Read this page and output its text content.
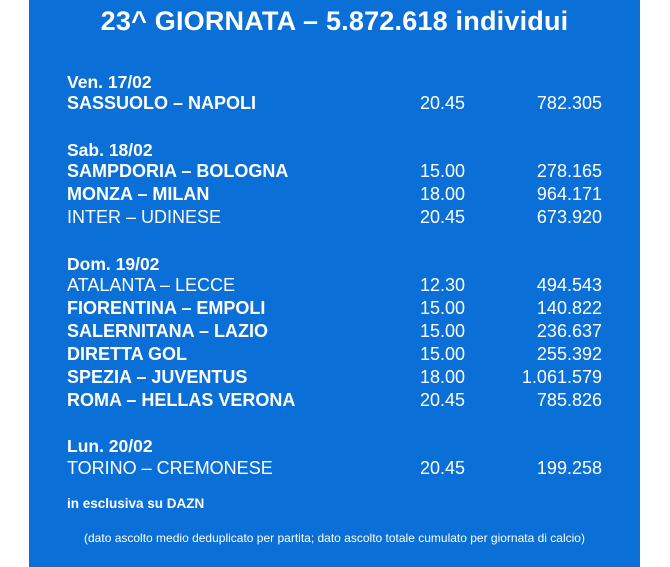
23^ GIORNATA – 5.872.618 individui
Ven. 17/02
SASSUOLO – NAPOLI	20.45	782.305
Sab. 18/02
SAMPDORIA – BOLOGNA	15.00	278.165
MONZA – MILAN	18.00	964.171
INTER – UDINESE	20.45	673.920
Dom. 19/02
ATALANTA – LECCE	12.30	494.543
FIORENTINA – EMPOLI	15.00	140.822
SALERNITANA – LAZIO	15.00	236.637
DIRETTA GOL	15.00	255.392
SPEZIA – JUVENTUS	18.00	1.061.579
ROMA – HELLAS VERONA	20.45	785.826
Lun. 20/02
TORINO – CREMONESE	20.45	199.258
in esclusiva su DAZN
(dato ascolto medio deduplicato per partita; dato ascolto totale cumulato per giornata di calcio)
